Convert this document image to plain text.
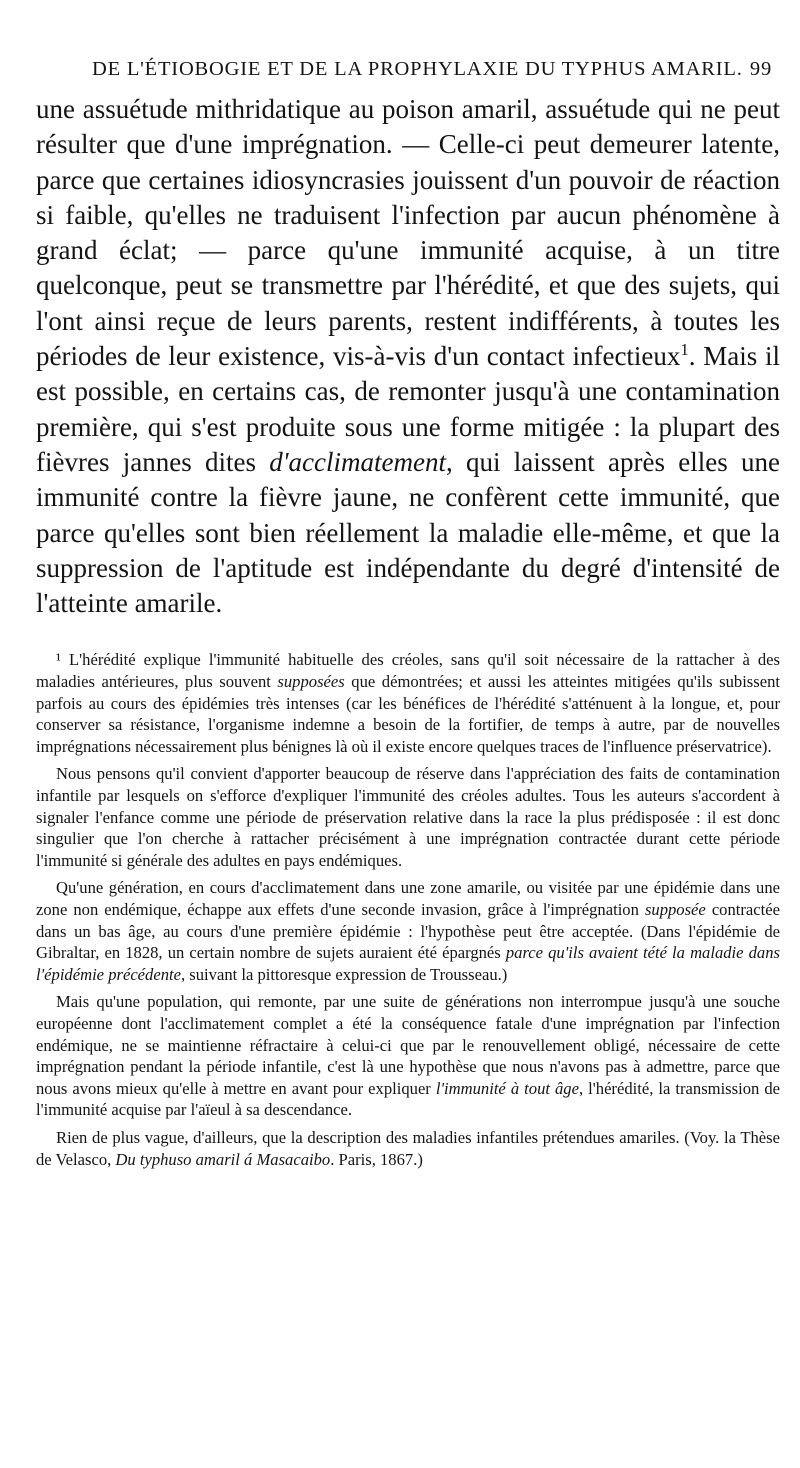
DE L'ÉTIOBOGIE ET DE LA PROPHYLAXIE DU TYPHUS AMARIL. 99

une assuétude mithridatique au poison amaril, assuétude qui ne peut résulter que d'une imprégnation. — Celle-ci peut demeurer latente, parce que certaines idiosyncrasies jouissent d'un pouvoir de réaction si faible, qu'elles ne traduisent l'infection par aucun phénomène à grand éclat; — parce qu'une immunité acquise, à un titre quelconque, peut se transmettre par l'hérédité, et que des sujets, qui l'ont ainsi reçue de leurs parents, restent indifférents, à toutes les périodes de leur existence, vis-à-vis d'un contact infectieux$^1$. Mais il est possible, en certains cas, de remonter jusqu'à une contamination première, qui s'est produite sous une forme mitigée : la plupart des fièvres jannes dites d'acclimatement, qui laissent après elles une immunité contre la fièvre jaune, ne confèrent cette immunité, que parce qu'elles sont bien réellement la maladie elle-même, et que la suppression de l'aptitude est indépendante du degré d'intensité de l'atteinte amarile.

¹ L'hérédité explique l'immunité habituelle des créoles, sans qu'il soit nécessaire de la rattacher à des maladies antérieures, plus souvent supposées que démontrées; et aussi les atteintes mitigées qu'ils subissent parfois au cours des épidémies très intenses (car les bénéfices de l'hérédité s'atténuent à la longue, et, pour conserver sa résistance, l'organisme indemne a besoin de la fortifier, de temps à autre, par de nouvelles imprégnations nécessairement plus bénignes là où il existe encore quelques traces de l'influence préservatrice).

Nous pensons qu'il convient d'apporter beaucoup de réserve dans l'appréciation des faits de contamination infantile par lesquels on s'efforce d'expliquer l'immunité des créoles adultes. Tous les auteurs s'accordent à signaler l'enfance comme une période de préservation relative dans la race la plus prédisposée : il est donc singulier que l'on cherche à rattacher précisément à une imprégnation contractée durant cette période l'immunité si générale des adultes en pays endémiques.

Qu'une génération, en cours d'acclimatement dans une zone amarile, ou visitée par une épidémie dans une zone non endémique, échappe aux effets d'une seconde invasion, grâce à l'imprégnation supposée contractée dans un bas âge, au cours d'une première épidémie : l'hypothèse peut être acceptée. (Dans l'épidémie de Gibraltar, en 1828, un certain nombre de sujets auraient été épargnés parce qu'ils avaient tété la maladie dans l'épidémie précédente, suivant la pittoresque expression de Trousseau.)

Mais qu'une population, qui remonte, par une suite de générations non interrompue jusqu'à une souche européenne dont l'acclimatement complet a été la conséquence fatale d'une imprégnation par l'infection endémique, ne se maintienne réfractaire à celui-ci que par le renouvellement obligé, nécessaire de cette imprégnation pendant la période infantile, c'est là une hypothèse que nous n'avons pas à admettre, parce que nous avons mieux qu'elle à mettre en avant pour expliquer l'immunité à tout âge, l'hérédité, la transmission de l'immunité acquise par l'aïeul à sa descendance.

Rien de plus vague, d'ailleurs, que la description des maladies infantiles prétendues amariles. (Voy. la Thèse de Velasco, Du typhuso amaril á Masacaibo. Paris, 1867.)
